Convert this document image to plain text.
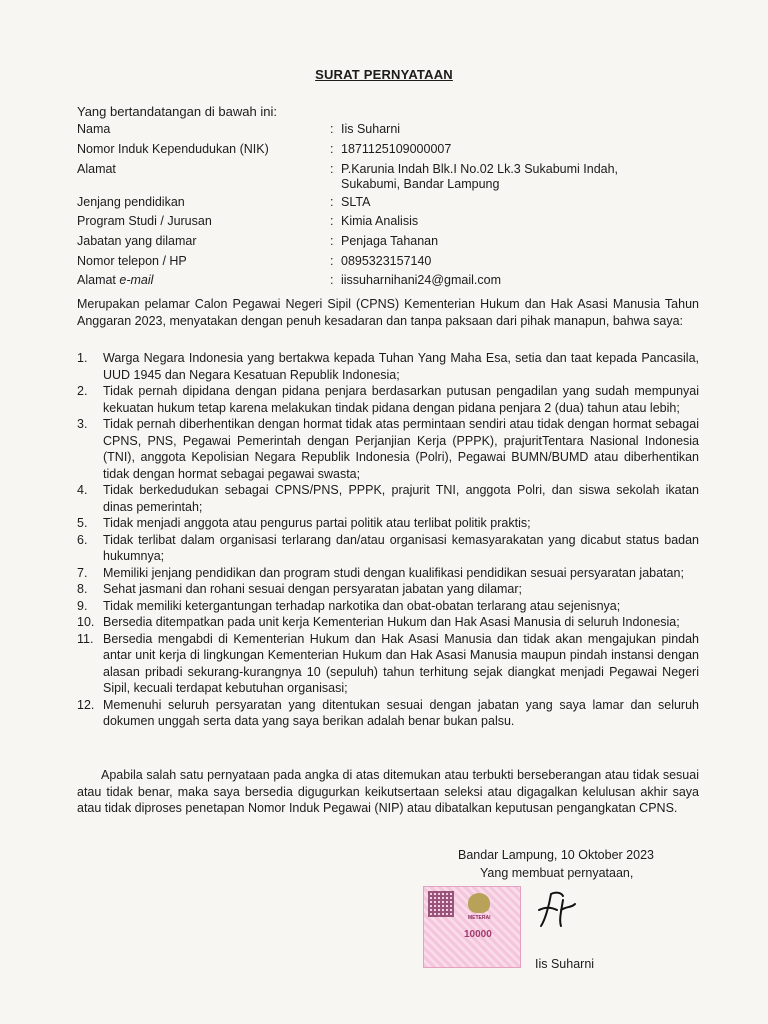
SURAT PERNYATAAN
Yang bertandatangan di bawah ini:
Nama	: Iis Suharni
Nomor Induk Kependudukan (NIK)	: 1871125109000007
Alamat	: P.Karunia Indah Blk.I No.02 Lk.3 Sukabumi Indah,
Sukabumi, Bandar Lampung
Jenjang pendidikan	: SLTA
Program Studi / Jurusan	: Kimia Analisis
Jabatan yang dilamar	: Penjaga Tahanan
Nomor telepon / HP	: 0895323157140
Alamat e-mail	: iissuharnihani24@gmail.com
Merupakan pelamar Calon Pegawai Negeri Sipil (CPNS) Kementerian Hukum dan Hak Asasi Manusia Tahun Anggaran 2023, menyatakan dengan penuh kesadaran dan tanpa paksaan dari pihak manapun, bahwa saya:
1. Warga Negara Indonesia yang bertakwa kepada Tuhan Yang Maha Esa, setia dan taat kepada Pancasila, UUD 1945 dan Negara Kesatuan Republik Indonesia;
2. Tidak pernah dipidana dengan pidana penjara berdasarkan putusan pengadilan yang sudah mempunyai kekuatan hukum tetap karena melakukan tindak pidana dengan pidana penjara 2 (dua) tahun atau lebih;
3. Tidak pernah diberhentikan dengan hormat tidak atas permintaan sendiri atau tidak dengan hormat sebagai CPNS, PNS, Pegawai Pemerintah dengan Perjanjian Kerja (PPPK), prajuritTentara Nasional Indonesia (TNI), anggota Kepolisian Negara Republik Indonesia (Polri), Pegawai BUMN/BUMD atau diberhentikan tidak dengan hormat sebagai pegawai swasta;
4. Tidak berkedudukan sebagai CPNS/PNS, PPPK, prajurit TNI, anggota Polri, dan siswa sekolah ikatan dinas pemerintah;
5. Tidak menjadi anggota atau pengurus partai politik atau terlibat politik praktis;
6. Tidak terlibat dalam organisasi terlarang dan/atau organisasi kemasyarakatan yang dicabut status badan hukumnya;
7. Memiliki jenjang pendidikan dan program studi dengan kualifikasi pendidikan sesuai persyaratan jabatan;
8. Sehat jasmani dan rohani sesuai dengan persyaratan jabatan yang dilamar;
9. Tidak memiliki ketergantungan terhadap narkotika dan obat-obatan terlarang atau sejenisnya;
10. Bersedia ditempatkan pada unit kerja Kementerian Hukum dan Hak Asasi Manusia di seluruh Indonesia;
11. Bersedia mengabdi di Kementerian Hukum dan Hak Asasi Manusia dan tidak akan mengajukan pindah antar unit kerja di lingkungan Kementerian Hukum dan Hak Asasi Manusia maupun pindah instansi dengan alasan pribadi sekurang-kurangnya 10 (sepuluh) tahun terhitung sejak diangkat menjadi Pegawai Negeri Sipil, kecuali terdapat kebutuhan organisasi;
12. Memenuhi seluruh persyaratan yang ditentukan sesuai dengan jabatan yang saya lamar dan seluruh dokumen unggah serta data yang saya berikan adalah benar bukan palsu.
Apabila salah satu pernyataan pada angka di atas ditemukan atau terbukti berseberangan atau tidak sesuai atau tidak benar, maka saya bersedia digugurkan keikutsertaan seleksi atau digagalkan kelulusan akhir saya atau tidak diproses penetapan Nomor Induk Pegawai (NIP) atau dibatalkan keputusan pengangkatan CPNS.
Bandar Lampung, 10 Oktober 2023
Yang membuat pernyataan,
METERAI
10000
Iis Suharni
